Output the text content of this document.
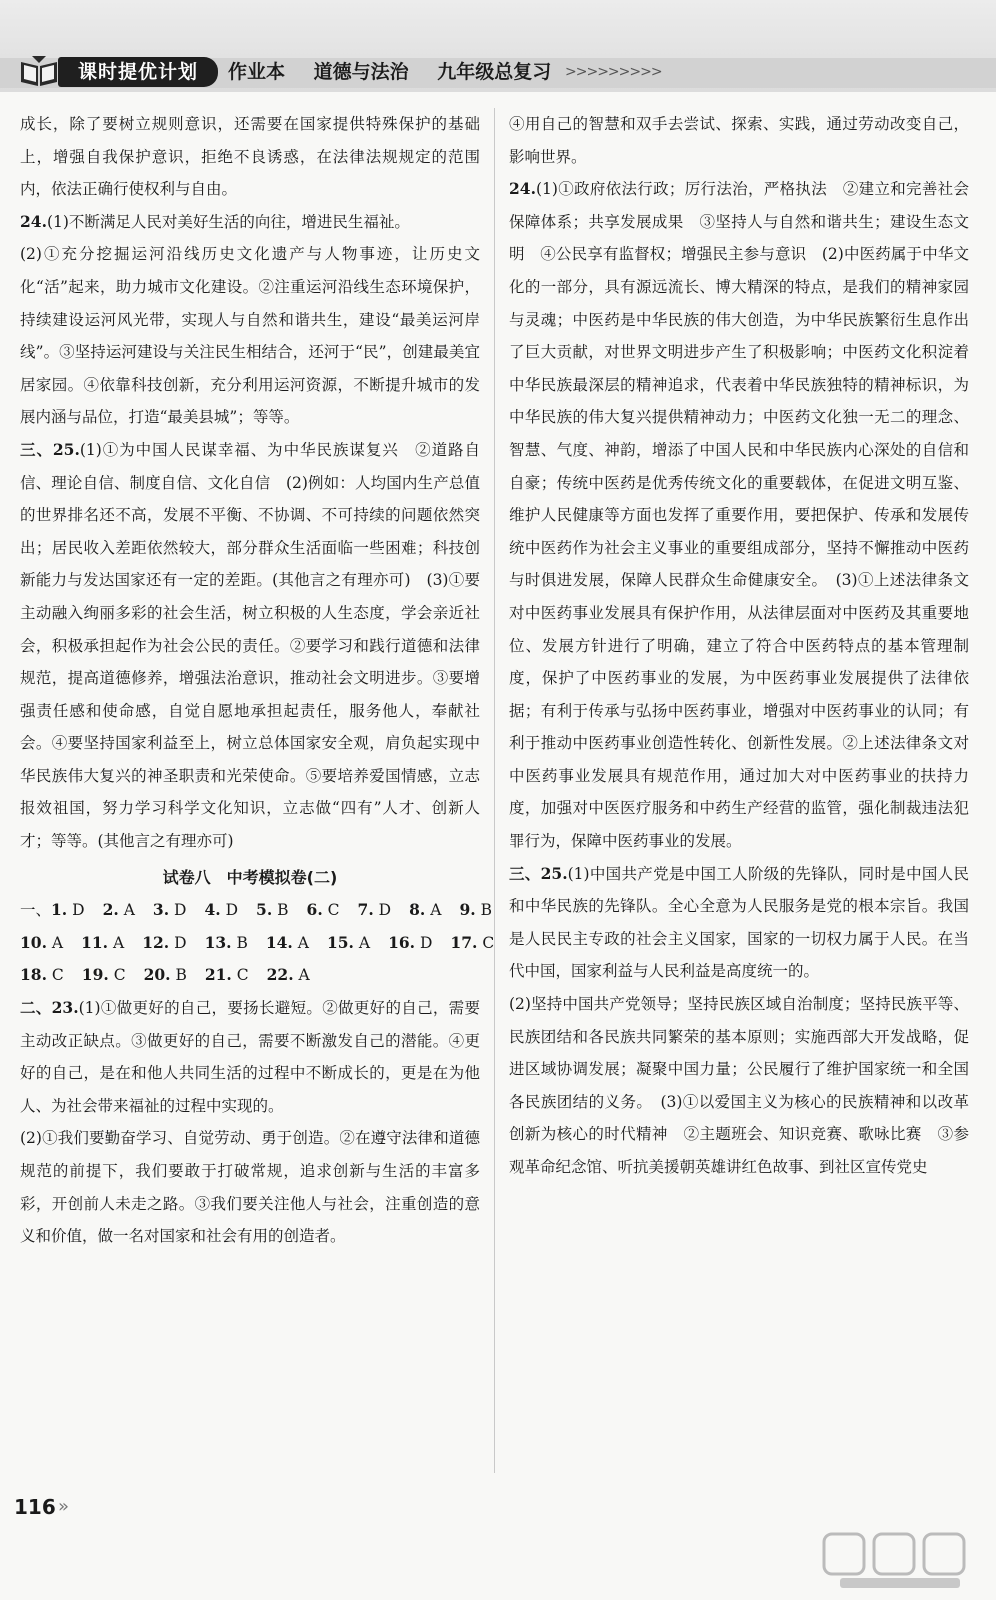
课时提优计划	作业本 道德与法治 九年级总复习 >>>>>>>>>

成长，除了要树立规则意识，还需要在国家提供特殊保护的基础上，增强自我保护意识，拒绝不良诱惑，在法律法规规定的范围内，依法正确行使权利与自由。

24.(1)不断满足人民对美好生活的向往，增进民生福祉。

(2)①充分挖掘运河沿线历史文化遗产与人物事迹，让历史文化“活”起来，助力城市文化建设。②注重运河沿线生态环境保护，持续建设运河风光带，实现人与自然和谐共生，建设“最美运河岸线”。③坚持运河建设与关注民生相结合，还河于“民”，创建最美宜居家园。④依靠科技创新，充分利用运河资源，不断提升城市的发展内涵与品位，打造“最美县城”；等等。

三、25.(1)①为中国人民谋幸福、为中华民族谋复兴　②道路自信、理论自信、制度自信、文化自信　(2)例如：人均国内生产总值的世界排名还不高，发展不平衡、不协调、不可持续的问题依然突出；居民收入差距依然较大，部分群众生活面临一些困难；科技创新能力与发达国家还有一定的差距。(其他言之有理亦可)　(3)①要主动融入绚丽多彩的社会生活，树立积极的人生态度，学会亲近社会，积极承担起作为社会公民的责任。②要学习和践行道德和法律规范，提高道德修养，增强法治意识，推动社会文明进步。③要增强责任感和使命感，自觉自愿地承担起责任，服务他人，奉献社会。④要坚持国家利益至上，树立总体国家安全观，肩负起实现中华民族伟大复兴的神圣职责和光荣使命。⑤要培养爱国情感，立志报效祖国，努力学习科学文化知识，立志做“四有”人才、创新人才；等等。(其他言之有理亦可)

试卷八　中考模拟卷(二)

一、 1. D 2. A 3. D 4. D 5. B 6. C 7. D 8. A 9. B
10. A 11. A 12. D 13. B 14. A 15. A 16. D 17. C
18. C 19. C 20. B 21. C 22. A

二、23.(1)①做更好的自己，要扬长避短。②做更好的自己，需要主动改正缺点。③做更好的自己，需要不断激发自己的潜能。④更好的自己，是在和他人共同生活的过程中不断成长的，更是在为他人、为社会带来福祉的过程中实现的。

(2)①我们要勤奋学习、自觉劳动、勇于创造。②在遵守法律和道德规范的前提下，我们要敢于打破常规，追求创新与生活的丰富多彩，开创前人未走之路。③我们要关注他人与社会，注重创造的意义和价值，做一名对国家和社会有用的创造者。

④用自己的智慧和双手去尝试、探索、实践，通过劳动改变自己，影响世界。

24.(1)①政府依法行政；厉行法治，严格执法　②建立和完善社会保障体系；共享发展成果　③坚持人与自然和谐共生；建设生态文明　④公民享有监督权；增强民主参与意识　(2)中医药属于中华文化的一部分，具有源远流长、博大精深的特点，是我们的精神家园与灵魂；中医药是中华民族的伟大创造，为中华民族繁衍生息作出了巨大贡献，对世界文明进步产生了积极影响；中医药文化积淀着中华民族最深层的精神追求，代表着中华民族独特的精神标识，为中华民族的伟大复兴提供精神动力；中医药文化独一无二的理念、智慧、气度、神韵，增添了中国人民和中华民族内心深处的自信和自豪；传统中医药是优秀传统文化的重要载体，在促进文明互鉴、维护人民健康等方面也发挥了重要作用，要把保护、传承和发展传统中医药作为社会主义事业的重要组成部分，坚持不懈推动中医药与时俱进发展，保障人民群众生命健康安全。　(3)①上述法律条文对中医药事业发展具有保护作用，从法律层面对中医药及其重要地位、发展方针进行了明确，建立了符合中医药特点的基本管理制度，保护了中医药事业的发展，为中医药事业发展提供了法律依据；有利于传承与弘扬中医药事业，增强对中医药事业的认同；有利于推动中医药事业创造性转化、创新性发展。②上述法律条文对中医药事业发展具有规范作用，通过加大对中医药事业的扶持力度，加强对中医医疗服务和中药生产经营的监管，强化制裁违法犯罪行为，保障中医药事业的发展。

三、25.(1)中国共产党是中国工人阶级的先锋队，同时是中国人民和中华民族的先锋队。全心全意为人民服务是党的根本宗旨。我国是人民民主专政的社会主义国家，国家的一切权力属于人民。在当代中国，国家利益与人民利益是高度统一的。

(2)坚持中国共产党领导；坚持民族区域自治制度；坚持民族平等、民族团结和各民族共同繁荣的基本原则；实施西部大开发战略，促进区域协调发展；凝聚中国力量；公民履行了维护国家统一和全国各民族团结的义务。　(3)①以爱国主义为核心的民族精神和以改革创新为核心的时代精神　②主题班会、知识竞赛、歌咏比赛　③参观革命纪念馆、听抗美援朝英雄讲红色故事、到社区宣传党史

116 »
